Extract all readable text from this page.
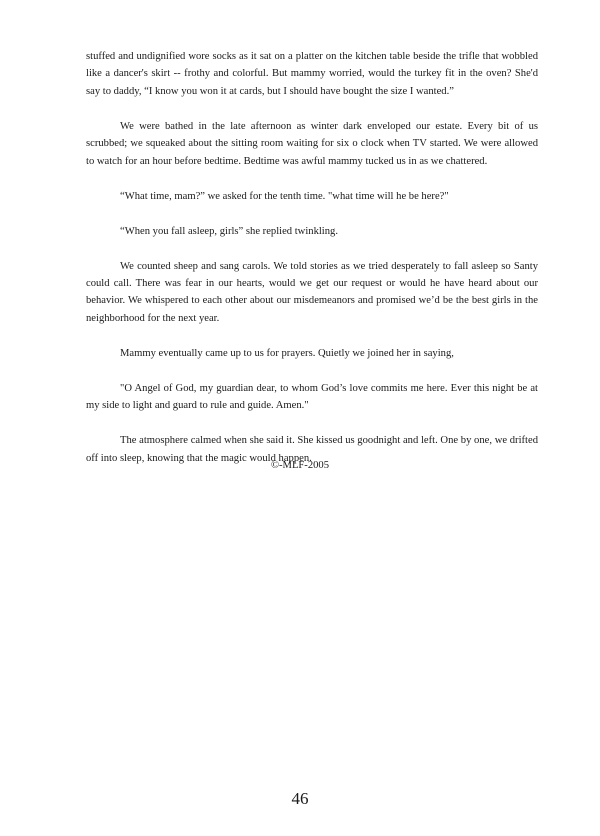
stuffed and undignified wore socks as it sat on a platter on the kitchen table beside the trifle that wobbled like a dancer's skirt -- frothy and colorful. But mammy worried, would the turkey fit in the oven? She'd say to daddy, “I know you won it at cards, but I should have bought the size I wanted.”

We were bathed in the late afternoon as winter dark enveloped our estate. Every bit of us scrubbed; we squeaked about the sitting room waiting for six o clock when TV started. We were allowed to watch for an hour before bedtime. Bedtime was awful mammy tucked us in as we chattered.

“What time, mam?” we asked for the tenth time. "what time will he be here?"

“When you fall asleep, girls” she replied twinkling.

We counted sheep and sang carols. We told stories as we tried desperately to fall asleep so Santy could call. There was fear in our hearts, would we get our request or would he have heard about our behavior. We whispered to each other about our misdemeanors and promised we’d be the best girls in the neighborhood for the next year.

Mammy eventually came up to us for prayers. Quietly we joined her in saying,

"O Angel of God, my guardian dear, to whom God’s love commits me here. Ever this night be at my side to light and guard to rule and guide. Amen."

The atmosphere calmed when she said it. She kissed us goodnight and left. One by one, we drifted off into sleep, knowing that the magic would happen.

©-MLF-2005
46
